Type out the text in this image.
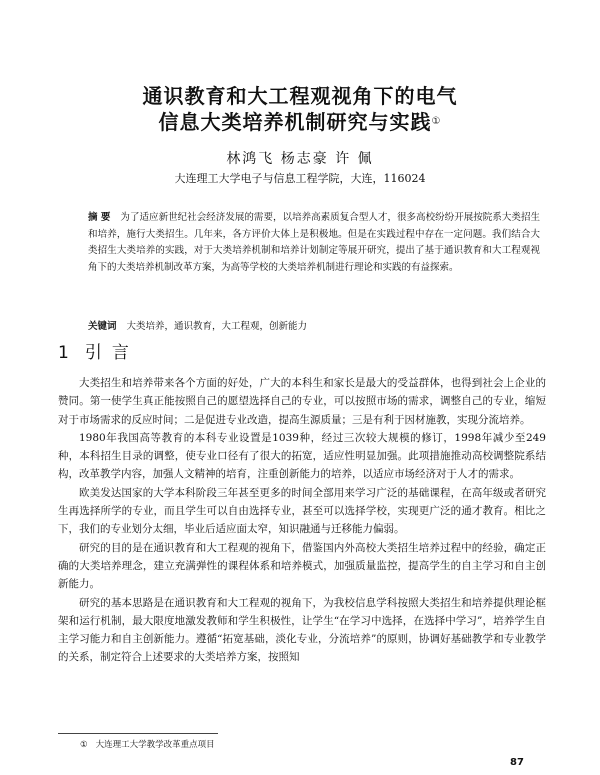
通识教育和大工程观视角下的电气
信息大类培养机制研究与实践①
林鸿飞 杨志豪 许 佩
大连理工大学电子与信息工程学院，大连，116024
摘 要 为了适应新世纪社会经济发展的需要，以培养高素质复合型人才，很多高校纷纷开展按院系大类招生和培养，施行大类招生。几年来，各方评价大体上是积极地。但是在实践过程中存在一定问题。我们结合大类招生大类培养的实践，对于大类培养机制和培养计划制定等展开研究，提出了基于通识教育和大工程观视角下的大类培养机制改革方案，为高等学校的大类培养机制进行理论和实践的有益探索。
关键词 大类培养，通识教育，大工程观，创新能力
1 引言

大类招生和培养带来各个方面的好处，广大的本科生和家长是最大的受益群体，也得到社会上企业的赞同。第一使学生真正能按照自己的愿望选择自己的专业，可以按照市场的需求，调整自己的专业，缩短对于市场需求的反应时间；二是促进专业改造，提高生源质量；三是有利于因材施教，实现分流培养。

1980年我国高等教育的本科专业设置是1039种，经过三次较大规模的修订，1998年减少至249种，本科招生目录的调整，使专业口径有了很大的拓宽，适应性明显加强。此项措施推动高校调整院系结构，改革教学内容，加强人文精神的培育，注重创新能力的培养，以适应市场经济对于人才的需求。

欧美发达国家的大学本科阶段三年甚至更多的时间全部用来学习广泛的基础课程，在高年级或者研究生再选择所学的专业，而且学生可以自由选择专业，甚至可以选择学校，实现更广泛的通才教育。相比之下，我们的专业划分太细，毕业后适应面太窄，知识融通与迁移能力偏弱。

研究的目的是在通识教育和大工程观的视角下，借鉴国内外高校大类招生培养过程中的经验，确定正确的大类培养理念，建立充满弹性的课程体系和培养模式，加强质量监控，提高学生的自主学习和自主创新能力。

研究的基本思路是在通识教育和大工程观的视角下，为我校信息学科按照大类招生和培养提供理论框架和运行机制，最大限度地激发教师和学生积极性，让学生“在学习中选择，在选择中学习”，培养学生自主学习能力和自主创新能力。遵循“拓宽基础，淡化专业，分流培养”的原则，协调好基础教学和专业教学的关系，制定符合上述要求的大类培养方案，按照知

① 大连理工大学教学改革重点项目
87
